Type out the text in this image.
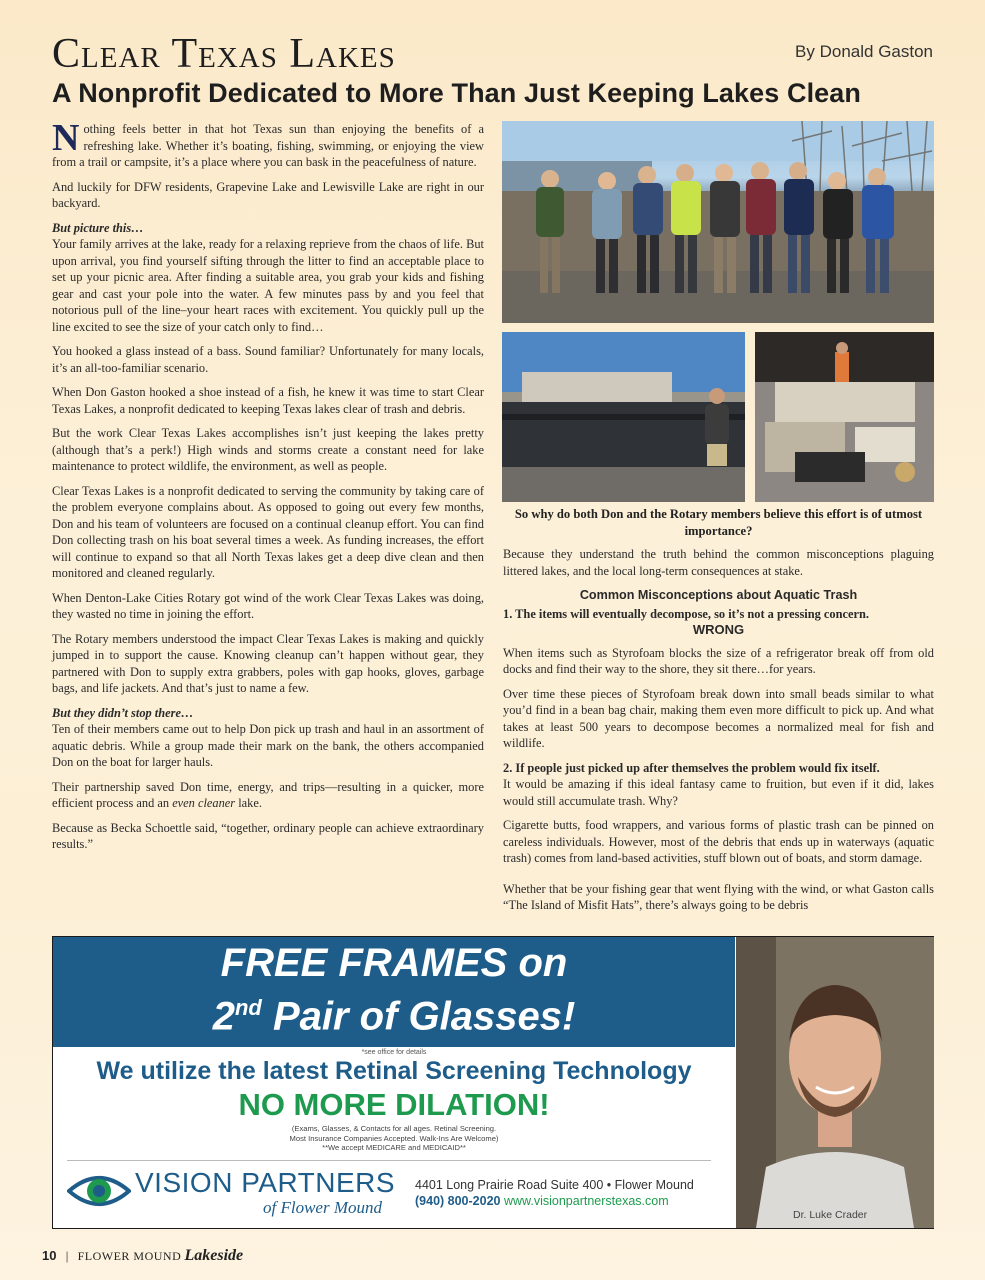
Clear Texas Lakes	By Donald Gaston
A Nonprofit Dedicated to More Than Just Keeping Lakes Clean

Nothing feels better in that hot Texas sun than enjoying the benefits of a refreshing lake. Whether it’s boating, fishing, swimming, or enjoying the view from a trail or campsite, it’s a place where you can bask in the peacefulness of nature.

And luckily for DFW residents, Grapevine Lake and Lewisville Lake are right in our backyard.

But picture this…

Your family arrives at the lake, ready for a relaxing reprieve from the chaos of life. But upon arrival, you find yourself sifting through the litter to find an acceptable place to set up your picnic area. After finding a suitable area, you grab your kids and fishing gear and cast your pole into the water. A few minutes pass by and you feel that notorious pull of the line–your heart races with excitement. You quickly pull up the line excited to see the size of your catch only to find…

You hooked a glass instead of a bass. Sound familiar? Unfortunately for many locals, it’s an all-too-familiar scenario.

When Don Gaston hooked a shoe instead of a fish, he knew it was time to start Clear Texas Lakes, a nonprofit dedicated to keeping Texas lakes clear of trash and debris.

But the work Clear Texas Lakes accomplishes isn’t just keeping the lakes pretty (although that’s a perk!) High winds and storms create a constant need for lake maintenance to protect wildlife, the environment, as well as people.

Clear Texas Lakes is a nonprofit dedicated to serving the community by taking care of the problem everyone complains about. As opposed to going out every few months, Don and his team of volunteers are focused on a continual cleanup effort. You can find Don collecting trash on his boat several times a week. As funding increases, the effort will continue to expand so that all North Texas lakes get a deep dive clean and then monitored and cleaned regularly.

When Denton-Lake Cities Rotary got wind of the work Clear Texas Lakes was doing, they wasted no time in joining the effort.

The Rotary members understood the impact Clear Texas Lakes is making and quickly jumped in to support the cause. Knowing cleanup can’t happen without gear, they partnered with Don to supply extra grabbers, poles with gap hooks, gloves, garbage bags, and life jackets. And that’s just to name a few.

But they didn’t stop there…

Ten of their members came out to help Don pick up trash and haul in an assortment of aquatic debris. While a group made their mark on the bank, the others accompanied Don on the boat for larger hauls.

Their partnership saved Don time, energy, and trips—resulting in a quicker, more efficient process and an even cleaner lake.

Because as Becka Schoettle said, “together, ordinary people can achieve extraordinary results.”

So why do both Don and the Rotary members believe this effort is of utmost importance?

Because they understand the truth behind the common misconceptions plaguing littered lakes, and the local long-term consequences at stake.

Common Misconceptions about Aquatic Trash

1. The items will eventually decompose, so it’s not a pressing concern.

WRONG

When items such as Styrofoam blocks the size of a refrigerator break off from old docks and find their way to the shore, they sit there…for years.

Over time these pieces of Styrofoam break down into small beads similar to what you’d find in a bean bag chair, making them even more difficult to pick up. And what takes at least 500 years to decompose becomes a normalized meal for fish and wildlife.

2. If people just picked up after themselves the problem would fix itself.

It would be amazing if this ideal fantasy came to fruition, but even if it did, lakes would still accumulate trash. Why?

Cigarette butts, food wrappers, and various forms of plastic trash can be pinned on careless individuals. However, most of the debris that ends up in waterways (aquatic trash) comes from land-based activities, stuff blown out of boats, and storm damage.

Whether that be your fishing gear that went flying with the wind, or what Gaston calls “The Island of Misfit Hats”, there’s always going to be debris

FREE FRAMES on
2nd Pair of Glasses!
*see office for details
We utilize the latest Retinal Screening Technology
NO MORE DILATION!
(Exams, Glasses, & Contacts for all ages. Retinal Screening.
Most Insurance Companies Accepted. Walk-Ins Are Welcome)
**We accept MEDICARE and MEDICAID**
VISION PARTNERS
of Flower Mound
4401 Long Prairie Road Suite 400 • Flower Mound
(940) 800-2020 www.visionpartnerstexas.com
Dr. Luke Crader
10 | FLOWER MOUND Lakeside
